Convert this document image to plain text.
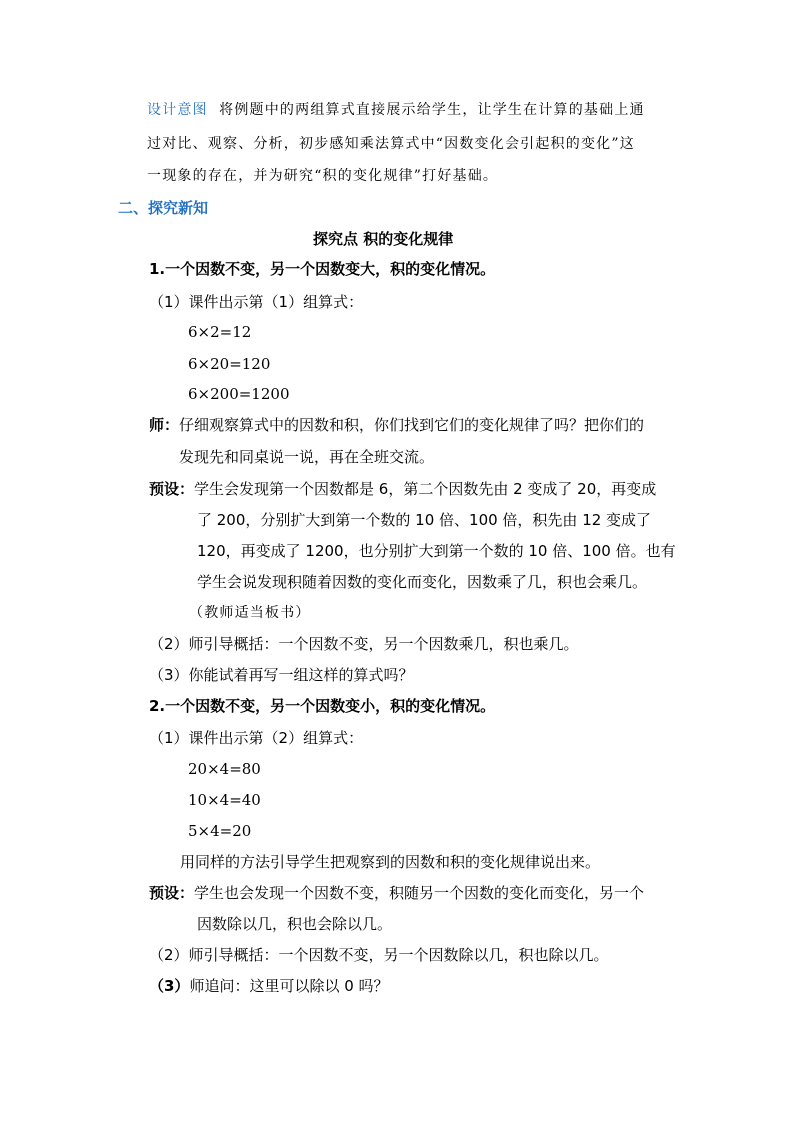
设计意图 将例题中的两组算式直接展示给学生，让学生在计算的基础上通
过对比、观察、分析，初步感知乘法算式中“因数变化会引起积的变化”这
一现象的存在，并为研究“积的变化规律”打好基础。
二、探究新知
探究点 积的变化规律
1.一个因数不变，另一个因数变大，积的变化情况。
（1）课件出示第（1）组算式：
6×2=12
6×20=120
6×200=1200
师：仔细观察算式中的因数和积，你们找到它们的变化规律了吗？把你们的
发现先和同桌说一说，再在全班交流。
预设：学生会发现第一个因数都是 6，第二个因数先由 2 变成了 20，再变成
了 200，分别扩大到第一个数的 10 倍、100 倍，积先由 12 变成了
120，再变成了 1200，也分别扩大到第一个数的 10 倍、100 倍。也有
学生会说发现积随着因数的变化而变化，因数乘了几，积也会乘几。
（教师适当板书）
（2）师引导概括：一个因数不变，另一个因数乘几，积也乘几。
（3）你能试着再写一组这样的算式吗？
2.一个因数不变，另一个因数变小，积的变化情况。
（1）课件出示第（2）组算式：
20×4=80
10×4=40
5×4=20
用同样的方法引导学生把观察到的因数和积的变化规律说出来。
预设：学生也会发现一个因数不变，积随另一个因数的变化而变化，另一个
因数除以几，积也会除以几。
（2）师引导概括：一个因数不变，另一个因数除以几，积也除以几。
（3）师追问：这里可以除以 0 吗？
